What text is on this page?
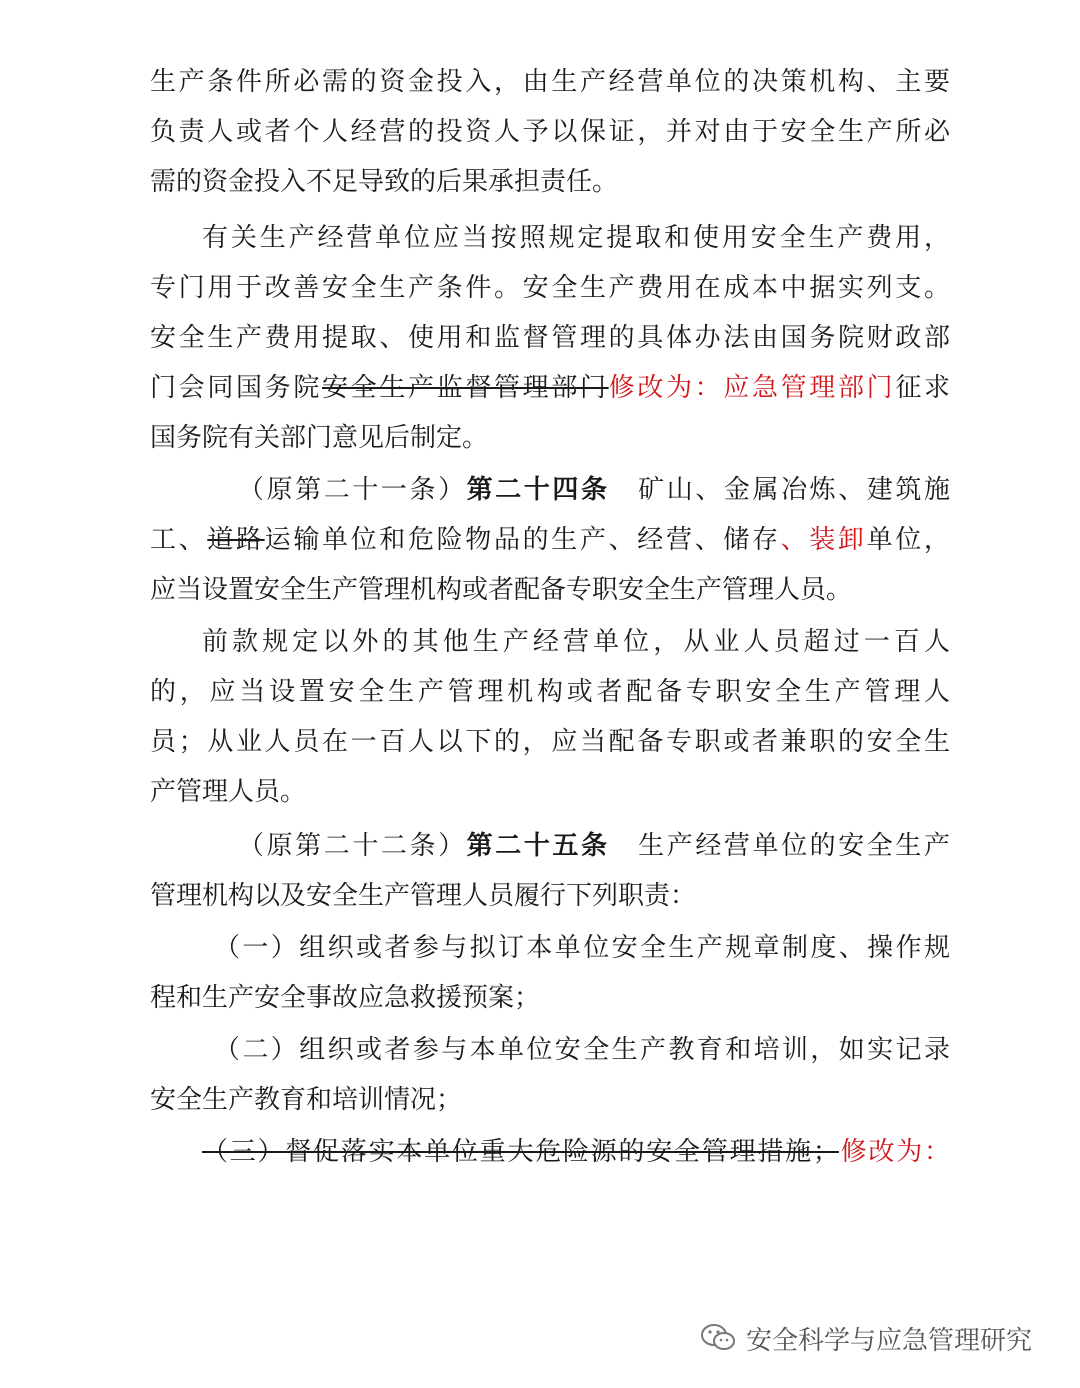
生产条件所必需的资金投入，由生产经营单位的决策机构、主要
负责人或者个人经营的投资人予以保证，并对由于安全生产所必
需的资金投入不足导致的后果承担责任。
有关生产经营单位应当按照规定提取和使用安全生产费用，
专门用于改善安全生产条件。安全生产费用在成本中据实列支。
安全生产费用提取、使用和监督管理的具体办法由国务院财政部
门会同国务院安全生产监督管理部门修改为：应急管理部门征求
国务院有关部门意见后制定。
（原第二十一条）第二十四条　矿山、金属冶炼、建筑施
工、道路运输单位和危险物品的生产、经营、储存、装卸单位，
应当设置安全生产管理机构或者配备专职安全生产管理人员。
前款规定以外的其他生产经营单位，从业人员超过一百人
的，应当设置安全生产管理机构或者配备专职安全生产管理人
员；从业人员在一百人以下的，应当配备专职或者兼职的安全生
产管理人员。
（原第二十二条）第二十五条　生产经营单位的安全生产
管理机构以及安全生产管理人员履行下列职责：
（一）组织或者参与拟订本单位安全生产规章制度、操作规
程和生产安全事故应急救援预案；
（二）组织或者参与本单位安全生产教育和培训，如实记录
安全生产教育和培训情况；
（三）督促落实本单位重大危险源的安全管理措施；修改为：
安全科学与应急管理研究
